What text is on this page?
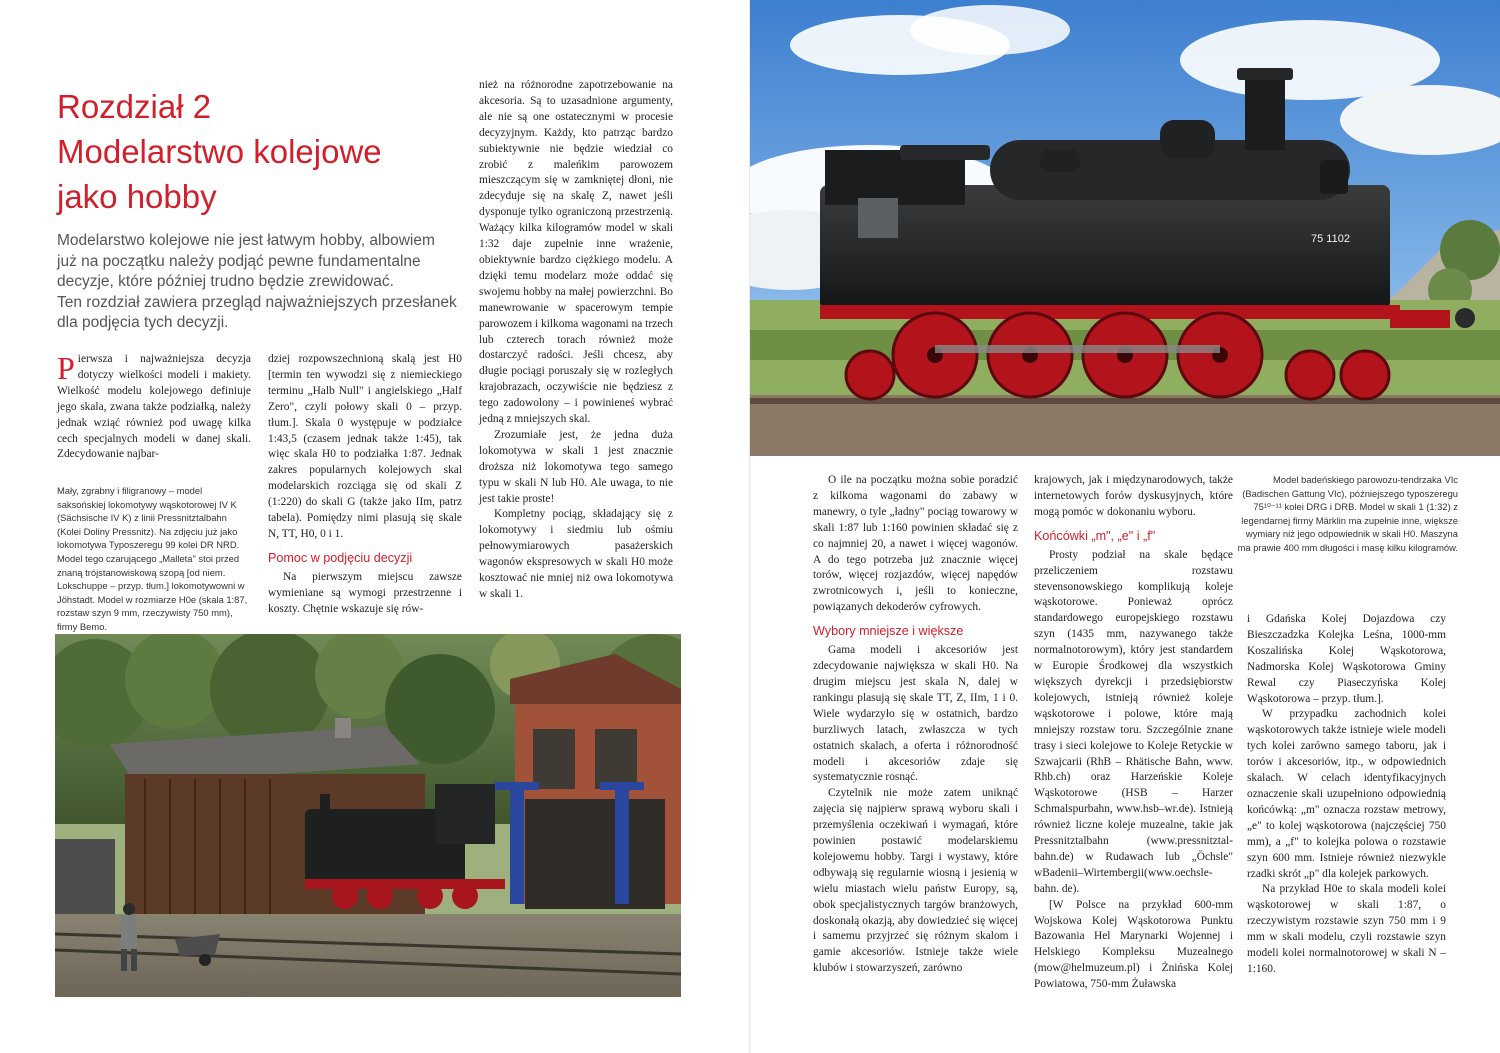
Rozdział 2
Modelarstwo kolejowe
jako hobby

Modelarstwo kolejowe nie jest łatwym hobby, albowiem
już na początku należy podjąć pewne fundamentalne
decyzje, które później trudno będzie zrewidować.
Ten rozdział zawiera przegląd najważniejszych przesłanek
dla podjęcia tych decyzji.

Pierwsza i najważniejsza decyzja dotyczy wielkości modeli i makiety. Wielkość modelu kolejowego definiuje jego skala, zwana także podziałką, należy jednak wziąć również pod uwagę kilka cech specjalnych modeli w danej skali. Zdecydowanie najbar-

Mały, zgrabny i filigranowy – model saksońskiej lokomotywy wąskotorowej IV K (Sächsische IV K) z linii Pressnitztalbahn (Kolei Doliny Pressnitz). Na zdjęciu już jako lokomotywa Typoszeregu 99 kolei DR NRD. Model tego czarującego „Malleta" stoi przed znaną trójstanowiskową szopą [od niem. Lokschuppe – przyp. tłum.] lokomotywowni w Jöhstadt. Model w rozmiarze H0e (skala 1:87, rozstaw szyn 9 mm, rzeczywisty 750 mm), firmy Bemo.

dziej rozpowszechnioną skalą jest H0 [termin ten wywodzi się z niemieckiego terminu „Halb Null" i angielskiego „Half Zero", czyli połowy skali 0 – przyp. tłum.]. Skala 0 występuje w podziałce 1:43,5 (czasem jednak także 1:45), tak więc skala H0 to podziałka 1:87. Jednak zakres popularnych kolejowych skal modelarskich rozciąga się od skali Z (1:220) do skali G (także jako IIm, patrz tabela). Pomiędzy nimi plasują się skale N, TT, H0, 0 i 1.

Pomoc w podjęciu decyzji

Na pierwszym miejscu zawsze wymieniane są wymogi przestrzenne i koszty. Chętnie wskazuje się rów-

nież na różnorodne zapotrzebowanie na akcesoria. Są to uzasadnione argumenty, ale nie są one ostatecznymi w procesie decyzyjnym. Każdy, kto patrząc bardzo subiektywnie nie będzie wiedział co zrobić z maleńkim parowozem mieszczącym się w zamkniętej dłoni, nie zdecyduje się na skalę Z, nawet jeśli dysponuje tylko ograniczoną przestrzenią. Ważący kilka kilogramów model w skali 1:32 daje zupełnie inne wrażenie, obiektywnie bardzo ciężkiego modelu. A dzięki temu modelarz może oddać się swojemu hobby na małej powierzchni. Bo manewrowanie w spacerowym tempie parowozem i kilkoma wagonami na trzech lub czterech torach również może dostarczyć radości. Jeśli chcesz, aby długie pociągi poruszały się w rozległych krajobrazach, oczywiście nie będziesz z tego zadowolony – i powinieneś wybrać jedną z mniejszych skal.

Zrozumiałe jest, że jedna duża lokomotywa w skali 1 jest znacznie droższa niż lokomotywa tego samego typu w skali N lub H0. Ale uwaga, to nie jest takie proste!

Kompletny pociąg, składający się z lokomotywy i siedmiu lub ośmiu pełnowymiarowych pasażerskich wagonów ekspresowych w skali H0 może kosztować nie mniej niż owa lokomotywa w skali 1.

75 1102

Model badeńskiego parowozu-tendrzaka VIc (Badischen Gattung VIc), późniejszego typoszeregu 75¹⁰⁻¹¹ kolei DRG i DRB. Model w skali 1 (1:32) z legendarnej firmy Märklin ma zupełnie inne, większe wymiary niż jego odpowiednik w skali H0. Maszyna ma prawie 400 mm długości i masę kilku kilogramów.

O ile na początku można sobie poradzić z kilkoma wagonami do zabawy w manewry, o tyle „ładny" pociąg towarowy w skali 1:87 lub 1:160 powinien składać się z co najmniej 20, a nawet i więcej wagonów. A do tego potrzeba już znacznie więcej torów, więcej rozjazdów, więcej napędów zwrotnicowych i, jeśli to konieczne, powiązanych dekoderów cyfrowych.

Wybory mniejsze i większe

Gama modeli i akcesoriów jest zdecydowanie największa w skali H0. Na drugim miejscu jest skala N, dalej w rankingu plasują się skale TT, Z, IIm, 1 i 0. Wiele wydarzyło się w ostatnich, bardzo burzliwych latach, zwłaszcza w tych ostatnich skalach, a oferta i różnorodność modeli i akcesoriów zdaje się systematycznie rosnąć.

Czytelnik nie może zatem uniknąć zajęcia się najpierw sprawą wyboru skali i przemyślenia oczekiwań i wymagań, które powinien postawić modelarskiemu kolejowemu hobby. Targi i wystawy, które odbywają się regularnie wiosną i jesienią w wielu miastach wielu państw Europy, są, obok specjalistycznych targów branżowych, doskonałą okazją, aby dowiedzieć się więcej i samemu przyjrzeć się różnym skalom i gamie akcesoriów. Istnieje także wiele klubów i stowarzyszeń, zarówno

krajowych, jak i międzynarodowych, także internetowych forów dyskusyjnych, które mogą pomóc w dokonaniu wyboru.

Końcówki „m", „e" i „f"

Prosty podział na skale będące przeliczeniem rozstawu stevensonowskiego komplikują koleje wąskotorowe. Ponieważ oprócz standardowego europejskiego rozstawu szyn (1435 mm, nazywanego także normalnotorowym), który jest standardem w Europie Środkowej dla wszystkich większych dyrekcji i przedsiębiorstw kolejowych, istnieją również koleje wąskotorowe i polowe, które mają mniejszy rozstaw toru. Szczególnie znane trasy i sieci kolejowe to Koleje Retyckie w Szwajcarii (RhB – Rhätische Bahn, www. Rhb.ch) oraz Harzeńskie Koleje Wąskotorowe (HSB – Harzer Schmalspurbahn, www.hsb–wr.de). Istnieją również liczne koleje muzealne, takie jak Pressnitztalbahn (www.pressnitztal-bahn.de) w Rudawach lub „Öchsle" wBadenii–Wirtembergii(www.oechsle-bahn. de).

[W Polsce na przykład 600-mm Wojskowa Kolej Wąskotorowa Punktu Bazowania Hel Marynarki Wojennej i Helskiego Kompleksu Muzealnego (mow@helmuzeum.pl) i Żnińska Kolej Powiatowa, 750-mm Żuławska

i Gdańska Kolej Dojazdowa czy Bieszczadzka Kolejka Leśna, 1000-mm Koszalińska Kolej Wąskotorowa, Nadmorska Kolej Wąskotorowa Gminy Rewal czy Piaseczyńska Kolej Wąskotorowa – przyp. tłum.].

W przypadku zachodnich kolei wąskotorowych także istnieje wiele modeli tych kolei zarówno samego taboru, jak i torów i akcesoriów, itp., w odpowiednich skalach. W celach identyfikacyjnych oznaczenie skali uzupełniono odpowiednią końcówką: „m" oznacza rozstaw metrowy, „e" to kolej wąskotorowa (najczęściej 750 mm), a „f" to kolejka polowa o rozstawie szyn 600 mm. Istnieje również niezwykle rzadki skrót „p" dla kolejek parkowych.

Na przykład H0e to skala modeli kolei wąskotorowej w skali 1:87, o rzeczywistym rozstawie szyn 750 mm i 9 mm w skali modelu, czyli rozstawie szyn modeli kolei normalnotorowej w skali N – 1:160.
